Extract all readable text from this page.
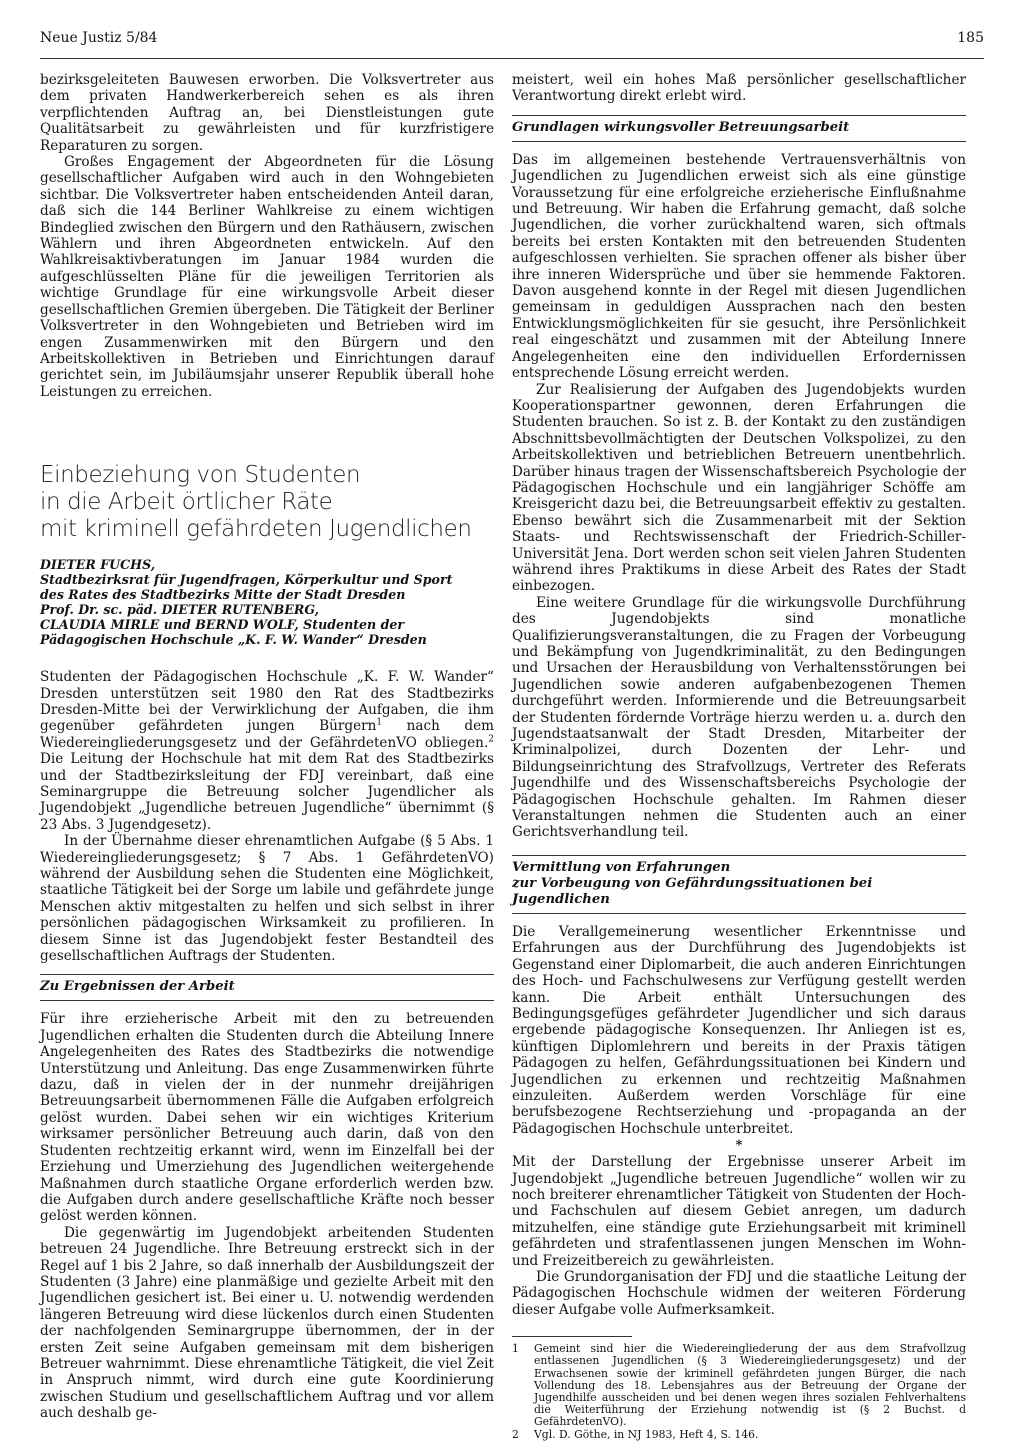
Neue Justiz 5/84	185

bezirksgeleiteten Bauwesen erworben. Die Volksvertreter aus dem privaten Handwerkerbereich sehen es als ihren verpflichtenden Auftrag an, bei Dienstleistungen gute Qualitätsarbeit zu gewährleisten und für kurzfristigere Reparaturen zu sorgen.

Großes Engagement der Abgeordneten für die Lösung gesellschaftlicher Aufgaben wird auch in den Wohngebieten sichtbar. Die Volksvertreter haben entscheidenden Anteil daran, daß sich die 144 Berliner Wahlkreise zu einem wichtigen Bindeglied zwischen den Bürgern und den Rathäusern, zwischen Wählern und ihren Abgeordneten entwickeln. Auf den Wahlkreisaktivberatungen im Januar 1984 wurden die aufgeschlüsselten Pläne für die jeweiligen Territorien als wichtige Grundlage für eine wirkungsvolle Arbeit dieser gesellschaftlichen Gremien übergeben. Die Tätigkeit der Berliner Volksvertreter in den Wohngebieten und Betrieben wird im engen Zusammenwirken mit den Bürgern und den Arbeitskollektiven in Betrieben und Einrichtungen darauf gerichtet sein, im Jubiläumsjahr unserer Republik überall hohe Leistungen zu erreichen.

Einbeziehung von Studenten
in die Arbeit örtlicher Räte
mit kriminell gefährdeten Jugendlichen
DIETER FUCHS,
Stadtbezirksrat für Jugendfragen, Körperkultur und Sport
des Rates des Stadtbezirks Mitte der Stadt Dresden
Prof. Dr. sc. päd. DIETER RUTENBERG,
CLAUDIA MIRLE und BERND WOLF, Studenten der
Pädagogischen Hochschule „K. F. W. Wander“ Dresden

Studenten der Pädagogischen Hochschule „K. F. W. Wander“ Dresden unterstützen seit 1980 den Rat des Stadtbezirks Dresden-Mitte bei der Verwirklichung der Aufgaben, die ihm gegenüber gefährdeten jungen Bürgern$^1$ nach dem Wiedereingliederungsgesetz und der GefährdetenVO obliegen.$^2$ Die Leitung der Hochschule hat mit dem Rat des Stadtbezirks und der Stadtbezirksleitung der FDJ vereinbart, daß eine Seminargruppe die Betreuung solcher Jugendlicher als Jugendobjekt „Jugendliche betreuen Jugendliche“ übernimmt (§ 23 Abs. 3 Jugendgesetz).

In der Übernahme dieser ehrenamtlichen Aufgabe (§ 5 Abs. 1 Wiedereingliederungsgesetz; § 7 Abs. 1 GefährdetenVO) während der Ausbildung sehen die Studenten eine Möglichkeit, staatliche Tätigkeit bei der Sorge um labile und gefährdete junge Menschen aktiv mitgestalten zu helfen und sich selbst in ihrer persönlichen pädagogischen Wirksamkeit zu profilieren. In diesem Sinne ist das Jugendobjekt fester Bestandteil des gesellschaftlichen Auftrags der Studenten.

Zu Ergebnissen der Arbeit

Für ihre erzieherische Arbeit mit den zu betreuenden Jugendlichen erhalten die Studenten durch die Abteilung Innere Angelegenheiten des Rates des Stadtbezirks die notwendige Unterstützung und Anleitung. Das enge Zusammenwirken führte dazu, daß in vielen der in der nunmehr dreijährigen Betreuungsarbeit übernommenen Fälle die Aufgaben erfolgreich gelöst wurden. Dabei sehen wir ein wichtiges Kriterium wirksamer persönlicher Betreuung auch darin, daß von den Studenten rechtzeitig erkannt wird, wenn im Einzelfall bei der Erziehung und Umerziehung des Jugendlichen weitergehende Maßnahmen durch staatliche Organe erforderlich werden bzw. die Aufgaben durch andere gesellschaftliche Kräfte noch besser gelöst werden können.

Die gegenwärtig im Jugendobjekt arbeitenden Studenten betreuen 24 Jugendliche. Ihre Betreuung erstreckt sich in der Regel auf 1 bis 2 Jahre, so daß innerhalb der Ausbildungszeit der Studenten (3 Jahre) eine planmäßige und gezielte Arbeit mit den Jugendlichen gesichert ist. Bei einer u. U. notwendig werdenden längeren Betreuung wird diese lückenlos durch einen Studenten der nachfolgenden Seminargruppe übernommen, der in der ersten Zeit seine Aufgaben gemeinsam mit dem bisherigen Betreuer wahrnimmt. Diese ehrenamtliche Tätigkeit, die viel Zeit in Anspruch nimmt, wird durch eine gute Koordinierung zwischen Studium und gesellschaftlichem Auftrag und vor allem auch deshalb ge-

meistert, weil ein hohes Maß persönlicher gesellschaftlicher Verantwortung direkt erlebt wird.

Grundlagen wirkungsvoller Betreuungsarbeit

Das im allgemeinen bestehende Vertrauensverhältnis von Jugendlichen zu Jugendlichen erweist sich als eine günstige Voraussetzung für eine erfolgreiche erzieherische Einflußnahme und Betreuung. Wir haben die Erfahrung gemacht, daß solche Jugendlichen, die vorher zurückhaltend waren, sich oftmals bereits bei ersten Kontakten mit den betreuenden Studenten aufgeschlossen verhielten. Sie sprachen offener als bisher über ihre inneren Widersprüche und über sie hemmende Faktoren. Davon ausgehend konnte in der Regel mit diesen Jugendlichen gemeinsam in geduldigen Aussprachen nach den besten Entwicklungsmöglichkeiten für sie gesucht, ihre Persönlichkeit real eingeschätzt und zusammen mit der Abteilung Innere Angelegenheiten eine den individuellen Erfordernissen entsprechende Lösung erreicht werden.

Zur Realisierung der Aufgaben des Jugendobjekts wurden Kooperationspartner gewonnen, deren Erfahrungen die Studenten brauchen. So ist z. B. der Kontakt zu den zuständigen Abschnittsbevollmächtigten der Deutschen Volkspolizei, zu den Arbeitskollektiven und betrieblichen Betreuern unentbehrlich. Darüber hinaus tragen der Wissenschaftsbereich Psychologie der Pädagogischen Hochschule und ein langjähriger Schöffe am Kreisgericht dazu bei, die Betreuungsarbeit effektiv zu gestalten. Ebenso bewährt sich die Zusammenarbeit mit der Sektion Staats- und Rechtswissenschaft der Friedrich-Schiller-Universität Jena. Dort werden schon seit vielen Jahren Studenten während ihres Praktikums in diese Arbeit des Rates der Stadt einbezogen.

Eine weitere Grundlage für die wirkungsvolle Durchführung des Jugendobjekts sind monatliche Qualifizierungsveranstaltungen, die zu Fragen der Vorbeugung und Bekämpfung von Jugendkriminalität, zu den Bedingungen und Ursachen der Herausbildung von Verhaltensstörungen bei Jugendlichen sowie anderen aufgabenbezogenen Themen durchgeführt werden. Informierende und die Betreuungsarbeit der Studenten fördernde Vorträge hierzu werden u. a. durch den Jugendstaatsanwalt der Stadt Dresden, Mitarbeiter der Kriminalpolizei, durch Dozenten der Lehr- und Bildungseinrichtung des Strafvollzugs, Vertreter des Referats Jugendhilfe und des Wissenschaftsbereichs Psychologie der Pädagogischen Hochschule gehalten. Im Rahmen dieser Veranstaltungen nehmen die Studenten auch an einer Gerichtsverhandlung teil.

Vermittlung von Erfahrungen
zur Vorbeugung von Gefährdungssituationen bei Jugendlichen

Die Verallgemeinerung wesentlicher Erkenntnisse und Erfahrungen aus der Durchführung des Jugendobjekts ist Gegenstand einer Diplomarbeit, die auch anderen Einrichtungen des Hoch- und Fachschulwesens zur Verfügung gestellt werden kann. Die Arbeit enthält Untersuchungen des Bedingungsgefüges gefährdeter Jugendlicher und sich daraus ergebende pädagogische Konsequenzen. Ihr Anliegen ist es, künftigen Diplomlehrern und bereits in der Praxis tätigen Pädagogen zu helfen, Gefährdungssituationen bei Kindern und Jugendlichen zu erkennen und rechtzeitig Maßnahmen einzuleiten. Außerdem werden Vorschläge für eine berufsbezogene Rechtserziehung und -propaganda an der Pädagogischen Hochschule unterbreitet.

*

Mit der Darstellung der Ergebnisse unserer Arbeit im Jugendobjekt „Jugendliche betreuen Jugendliche“ wollen wir zu noch breiterer ehrenamtlicher Tätigkeit von Studenten der Hoch- und Fachschulen auf diesem Gebiet anregen, um dadurch mitzuhelfen, eine ständige gute Erziehungsarbeit mit kriminell gefährdeten und strafentlassenen jungen Menschen im Wohn- und Freizeitbereich zu gewährleisten.

Die Grundorganisation der FDJ und die staatliche Leitung der Pädagogischen Hochschule widmen der weiteren Förderung dieser Aufgabe volle Aufmerksamkeit.

1	Gemeint sind hier die Wiedereingliederung der aus dem Strafvollzug entlassenen Jugendlichen (§ 3 Wiedereingliederungsgesetz) und der Erwachsenen sowie der kriminell gefährdeten jungen Bürger, die nach Vollendung des 18. Lebensjahres aus der Betreuung der Organe der Jugendhilfe ausscheiden und bei denen wegen ihres sozialen Fehlverhaltens die Weiterführung der Erziehung notwendig ist (§ 2 Buchst. d GefährdetenVO).
2	Vgl. D. Göthe, in NJ 1983, Heft 4, S. 146.
